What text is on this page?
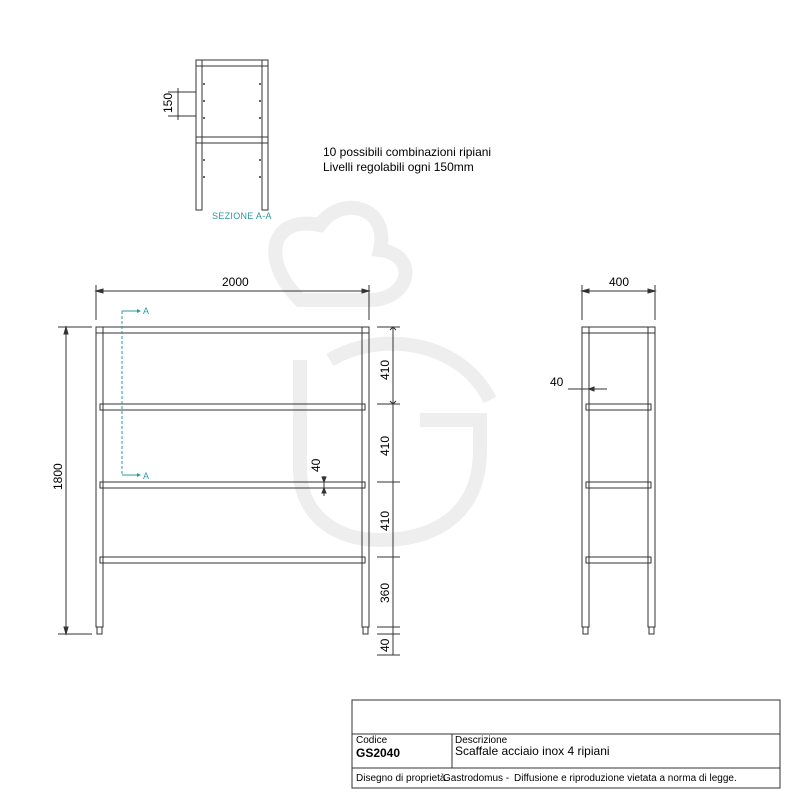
150
SEZIONE A-A
10 possibili combinazioni ripiani
Livelli regolabili ogni 150mm
A
A
2000
1800
410
410
410
360
40
40
400
40
Codice
GS2040
Descrizione
Scaffale acciaio inox 4 ripiani
Disegno di proprietà
Gastrodomus - Diffusione e riproduzione vietata a norma di legge.
